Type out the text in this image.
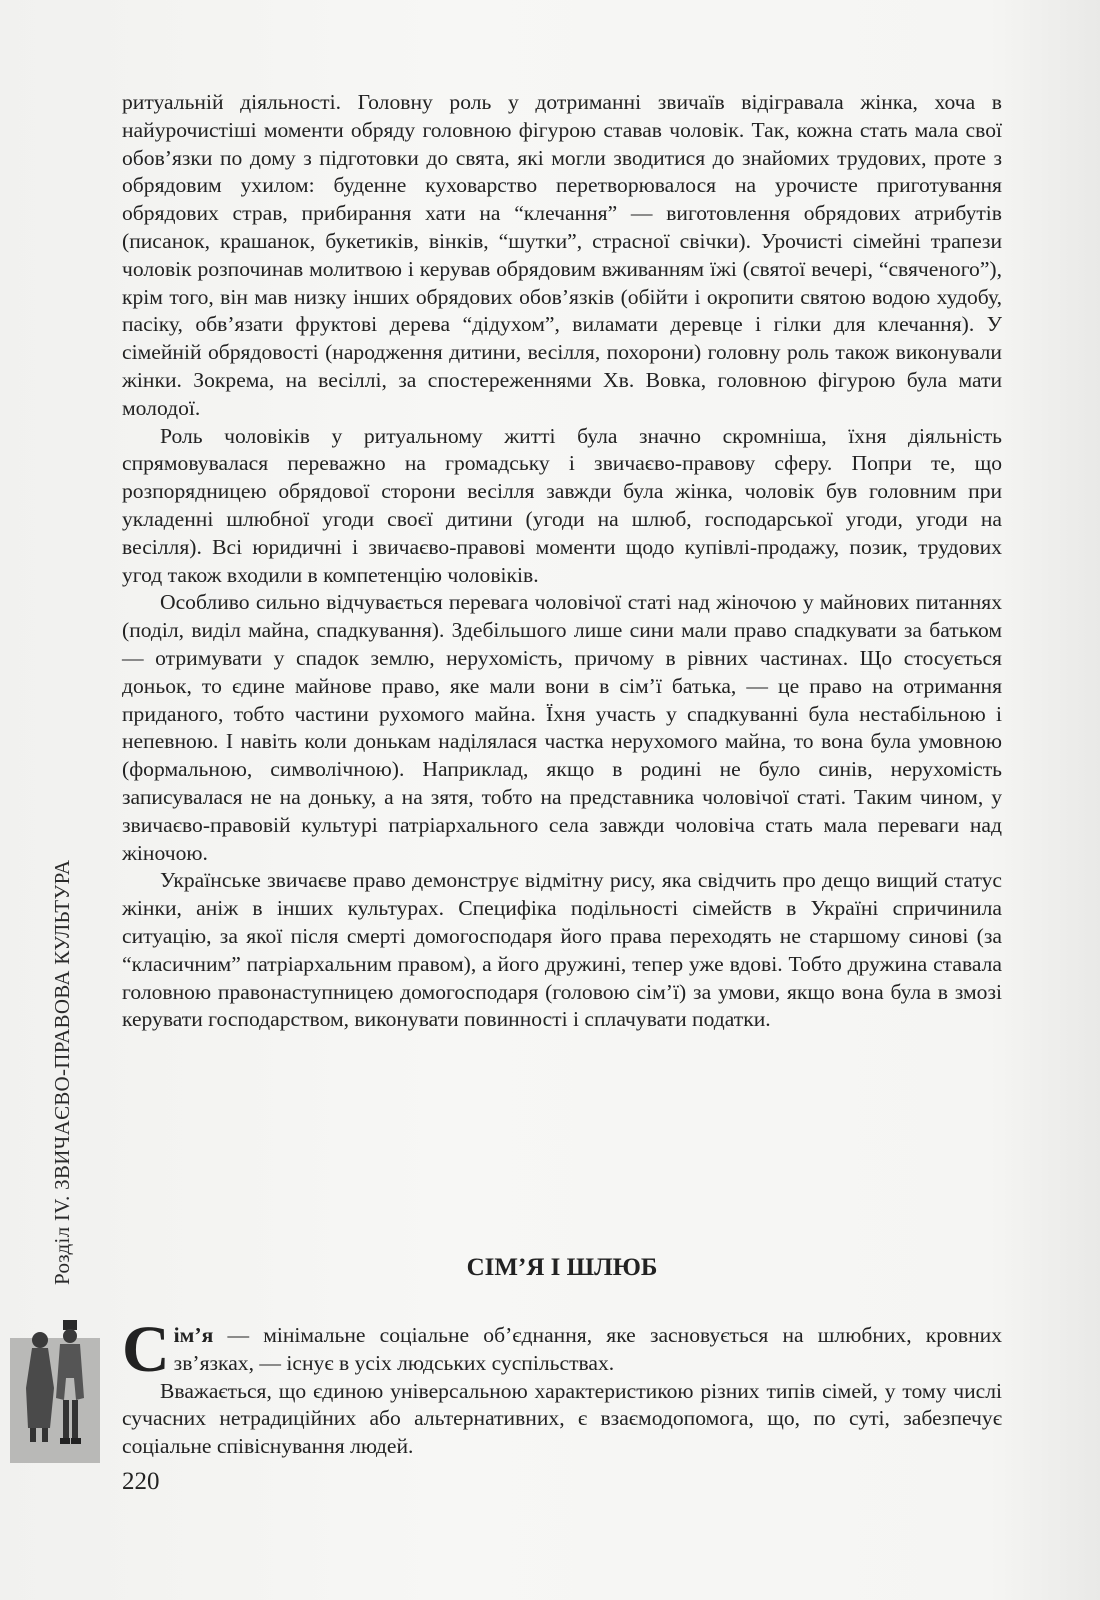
ритуальній діяльності. Головну роль у дотриманні звичаїв відігравала жінка, хоча в найурочистіші моменти обряду головною фігурою ставав чоловік. Так, кожна стать мала свої обов’язки по дому з підготовки до свята, які могли зводитися до знайомих трудових, проте з обрядовим ухилом: буденне куховарство перетворювалося на урочисте приготування обрядових страв, прибирання хати на “клечання” — виготовлення обрядових атрибутів (писанок, крашанок, букетиків, вінків, “шутки”, страсної свічки). Урочисті сімейні трапези чоловік розпочинав молитвою і керував обрядовим вживанням їжі (святої вечері, “свяченого”), крім того, він мав низку інших обрядових обов’язків (обійти і окропити святою водою худобу, пасіку, обв’язати фруктові дерева “дідухом”, виламати деревце і гілки для клечання). У сімейній обрядовості (народження дитини, весілля, похорони) головну роль також виконували жінки. Зокрема, на весіллі, за спостереженнями Хв. Вовка, головною фігурою була мати молодої.

Роль чоловіків у ритуальному житті була значно скромніша, їхня діяльність спрямовувалася переважно на громадську і звичаєво-правову сферу. Попри те, що розпорядницею обрядової сторони весілля завжди була жінка, чоловік був головним при укладенні шлюбної угоди своєї дитини (угоди на шлюб, господарської угоди, угоди на весілля). Всі юридичні і звичаєво-правові моменти щодо купівлі-продажу, позик, трудових угод також входили в компетенцію чоловіків.

Особливо сильно відчувається перевага чоловічої статі над жіночою у майнових питаннях (поділ, виділ майна, спадкування). Здебільшого лише сини мали право спадкувати за батьком — отримувати у спадок землю, нерухомість, причому в рівних частинах. Що стосується доньок, то єдине майнове право, яке мали вони в сім’ї батька, — це право на отримання приданого, тобто частини рухомого майна. Їхня участь у спадкуванні була нестабільною і непевною. І навіть коли донькам наділялася частка нерухомого майна, то вона була умовною (формальною, символічною). Наприклад, якщо в родині не було синів, нерухомість записувалася не на доньку, а на зятя, тобто на представника чоловічої статі. Таким чином, у звичаєво-правовій культурі патріархального села завжди чоловіча стать мала переваги над жіночою.

Українське звичаєве право демонструє відмітну рису, яка свідчить про дещо вищий статус жінки, аніж в інших культурах. Специфіка подільності сімейств в Україні спричинила ситуацію, за якої після смерті домогосподаря його права переходять не старшому синові (за “класичним” патріархальним правом), а його дружині, тепер уже вдові. Тобто дружина ставала головною правонаступницею домогосподаря (головою сім’ї) за умови, якщо вона була в змозі керувати господарством, виконувати повинності і сплачувати податки.

СІМ’Я І ШЛЮБ

Сім’я — мінімальне соціальне об’єднання, яке засновується на шлюбних, кровних зв’язках, — існує в усіх людських суспільствах.

Вважається, що єдиною універсальною характеристикою різних типів сімей, у тому числі сучасних нетрадиційних або альтернативних, є взаємодопомога, що, по суті, забезпечує соціальне співіснування людей.

Розділ IV. ЗВИЧАЄВО-ПРАВОВА КУЛЬТУРА
220
